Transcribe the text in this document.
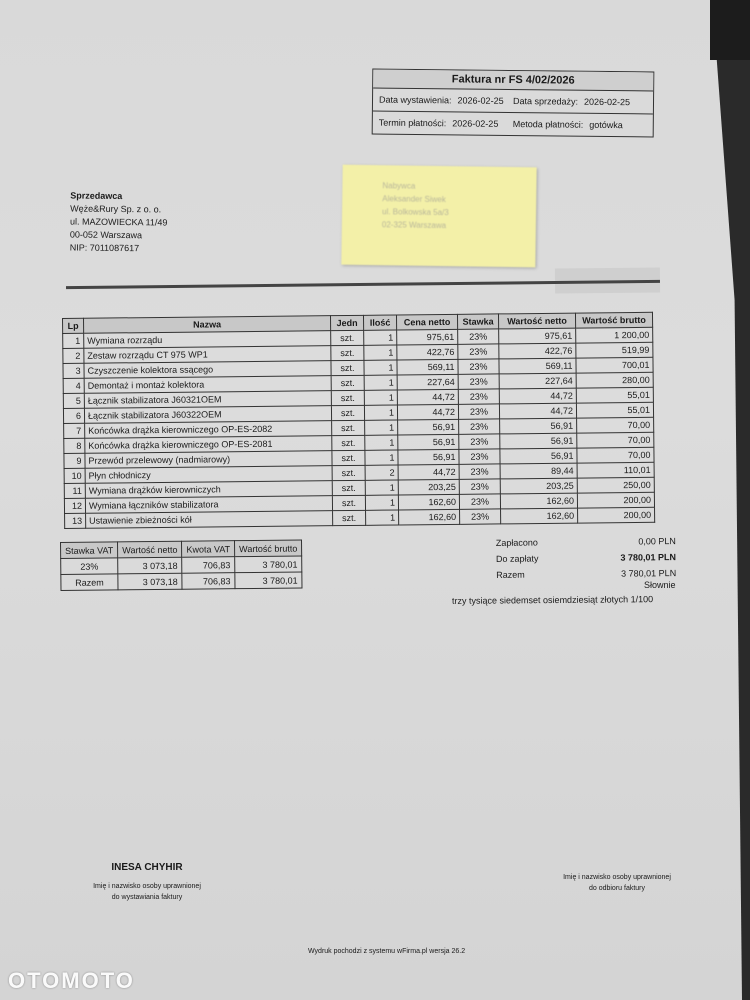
Faktura nr FS 4/02/2026
Data wystawienia: 2026-02-25 Data sprzedaży: 2026-02-25
Termin płatności: 2026-02-25 Metoda płatności: gotówka
Sprzedawca
Węże&Rury Sp. z o. o.
ul. MAZOWIECKA 11/49
00-052 Warszawa
NIP: 7011087617
Nabywca
Aleksander Siwek
ul. Bolkowska 5a/3
02-325 Warszawa
Lp	Nazwa	Jedn	Ilość	Cena netto	Stawka	Wartość netto	Wartość brutto
1	Wymiana rozrządu	szt.	1	975,61	23%	975,61	1 200,00
2	Zestaw rozrządu CT 975 WP1	szt.	1	422,76	23%	422,76	519,99
3	Czyszczenie kolektora ssącego	szt.	1	569,11	23%	569,11	700,01
4	Demontaż i montaż kolektora	szt.	1	227,64	23%	227,64	280,00
5	Łącznik stabilizatora J60321OEM	szt.	1	44,72	23%	44,72	55,01
6	Łącznik stabilizatora J60322OEM	szt.	1	44,72	23%	44,72	55,01
7	Końcówka drążka kierowniczego OP-ES-2082	szt.	1	56,91	23%	56,91	70,00
8	Końcówka drążka kierowniczego OP-ES-2081	szt.	1	56,91	23%	56,91	70,00
9	Przewód przelewowy (nadmiarowy)	szt.	1	56,91	23%	56,91	70,00
10	Płyn chłodniczy	szt.	2	44,72	23%	89,44	110,01
11	Wymiana drążków kierowniczych	szt.	1	203,25	23%	203,25	250,00
12	Wymiana łączników stabilizatora	szt.	1	162,60	23%	162,60	200,00
13	Ustawienie zbieżności kół	szt.	1	162,60	23%	162,60	200,00
Stawka VAT	Wartość netto	Kwota VAT	Wartość brutto
23%	3 073,18	706,83	3 780,01
Razem	3 073,18	706,83	3 780,01
Zapłacono	0,00 PLN
Do zapłaty	3 780,01 PLN
Razem	3 780,01 PLN
Słownie
trzy tysiące siedemset osiemdziesiąt złotych 1/100
INESA CHYHIR
Imię i nazwisko osoby uprawnionej
do wystawiania faktury
Imię i nazwisko osoby uprawnionej
do odbioru faktury
Wydruk pochodzi z systemu wFirma.pl wersja 26.2
OTOMOTO
